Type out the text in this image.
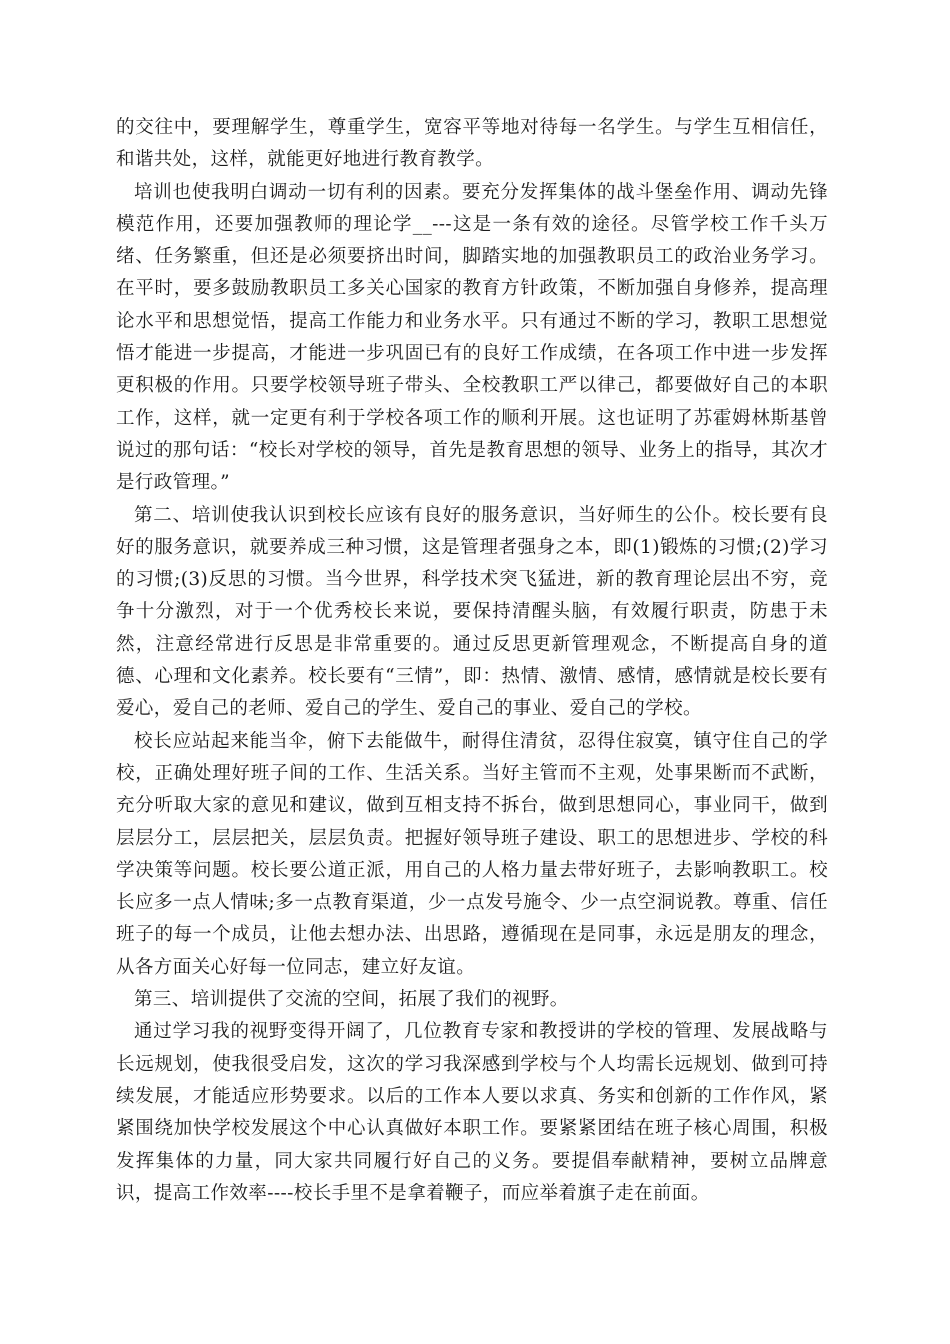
的交往中，要理解学生，尊重学生，宽容平等地对待每一名学生。与学生互相信任，和谐共处，这样，就能更好地进行教育教学。

培训也使我明白调动一切有利的因素。要充分发挥集体的战斗堡垒作用、调动先锋模范作用，还要加强教师的理论学__---这是一条有效的途径。尽管学校工作千头万绪、任务繁重，但还是必须要挤出时间，脚踏实地的加强教职员工的政治业务学习。在平时，要多鼓励教职员工多关心国家的教育方针政策，不断加强自身修养，提高理论水平和思想觉悟，提高工作能力和业务水平。只有通过不断的学习，教职工思想觉悟才能进一步提高，才能进一步巩固已有的良好工作成绩，在各项工作中进一步发挥更积极的作用。只要学校领导班子带头、全校教职工严以律己，都要做好自己的本职工作，这样，就一定更有利于学校各项工作的顺利开展。这也证明了苏霍姆林斯基曾说过的那句话：“校长对学校的领导，首先是教育思想的领导、业务上的指导，其次才是行政管理。”

第二、培训使我认识到校长应该有良好的服务意识，当好师生的公仆。校长要有良好的服务意识，就要养成三种习惯，这是管理者强身之本，即(1)锻炼的习惯;(2)学习的习惯;(3)反思的习惯。当今世界，科学技术突飞猛进，新的教育理论层出不穷，竞争十分激烈，对于一个优秀校长来说，要保持清醒头脑，有效履行职责，防患于未然，注意经常进行反思是非常重要的。通过反思更新管理观念，不断提高自身的道德、心理和文化素养。校长要有“三情”，即：热情、激情、感情，感情就是校长要有爱心，爱自己的老师、爱自己的学生、爱自己的事业、爱自己的学校。

校长应站起来能当伞，俯下去能做牛，耐得住清贫，忍得住寂寞，镇守住自己的学校，正确处理好班子间的工作、生活关系。当好主管而不主观，处事果断而不武断，充分听取大家的意见和建议，做到互相支持不拆台，做到思想同心，事业同干，做到层层分工，层层把关，层层负责。把握好领导班子建设、职工的思想进步、学校的科学决策等问题。校长要公道正派，用自己的人格力量去带好班子，去影响教职工。校长应多一点人情味;多一点教育渠道，少一点发号施令、少一点空洞说教。尊重、信任班子的每一个成员，让他去想办法、出思路，遵循现在是同事，永远是朋友的理念，从各方面关心好每一位同志，建立好友谊。

第三、培训提供了交流的空间，拓展了我们的视野。

通过学习我的视野变得开阔了，几位教育专家和教授讲的学校的管理、发展战略与长远规划，使我很受启发，这次的学习我深感到学校与个人均需长远规划、做到可持续发展，才能适应形势要求。以后的工作本人要以求真、务实和创新的工作作风，紧紧围绕加快学校发展这个中心认真做好本职工作。要紧紧团结在班子核心周围，积极发挥集体的力量，同大家共同履行好自己的义务。要提倡奉献精神，要树立品牌意识，提高工作效率----校长手里不是拿着鞭子，而应举着旗子走在前面。
